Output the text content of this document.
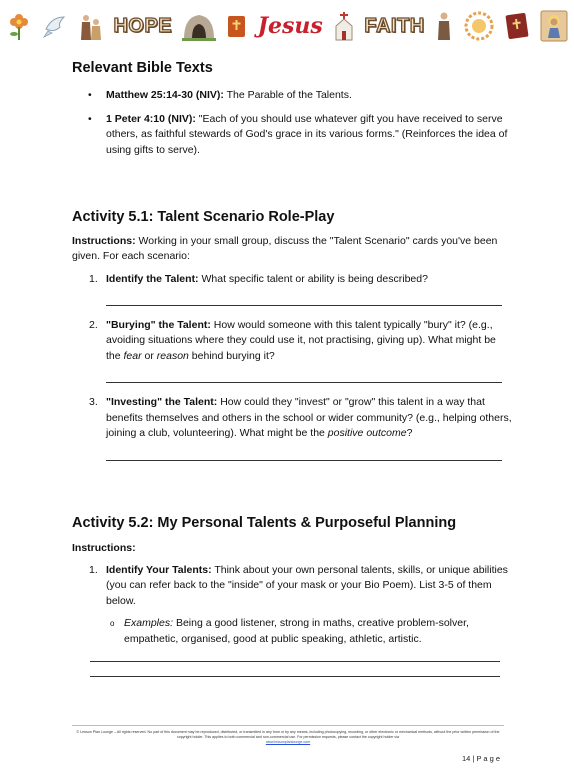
HOPE	Jesus FAITH
Relevant Bible Texts
• Matthew 25:14-30 (NIV): The Parable of the Talents.
• 1 Peter 4:10 (NIV): "Each of you should use whatever gift you have received to serve others, as faithful stewards of God's grace in its various forms." (Reinforces the idea of using gifts to serve).
Activity 5.1: Talent Scenario Role-Play

Instructions: Working in your small group, discuss the "Talent Scenario" cards you've been given. For each scenario:

1. Identify the Talent: What specific talent or ability is being described?
2. "Burying" the Talent: How would someone with this talent typically "bury" it? (e.g., avoiding situations where they could use it, not practising, giving up). What might be the fear or reason behind burying it?
3. "Investing" the Talent: How could they "invest" or "grow" this talent in a way that benefits themselves and others in the school or wider community? (e.g., helping others, joining a club, volunteering). What might be the positive outcome?
Activity 5.2: My Personal Talents & Purposeful Planning

Instructions:

1. Identify Your Talents: Think about your own personal talents, skills, or unique abilities (you can refer back to the "inside" of your mask or your Bio Poem). List 3-5 of them below.
o Examples: Being a good listener, strong in maths, creative problem-solver, empathetic, organised, good at public speaking, athletic, artistic.
© Lesson Plan Lounge – All rights reserved. No part of this document may be reproduced, distributed, or transmitted in any form or by any means, including photocopying, recording, or other electronic or mechanical methods, without the prior written permission of the copyright holder. This applies to both commercial and non-commercial use. For permission requests, please contact the copyright holder via
www.lessonplanlounge.com
14 | P a g e
